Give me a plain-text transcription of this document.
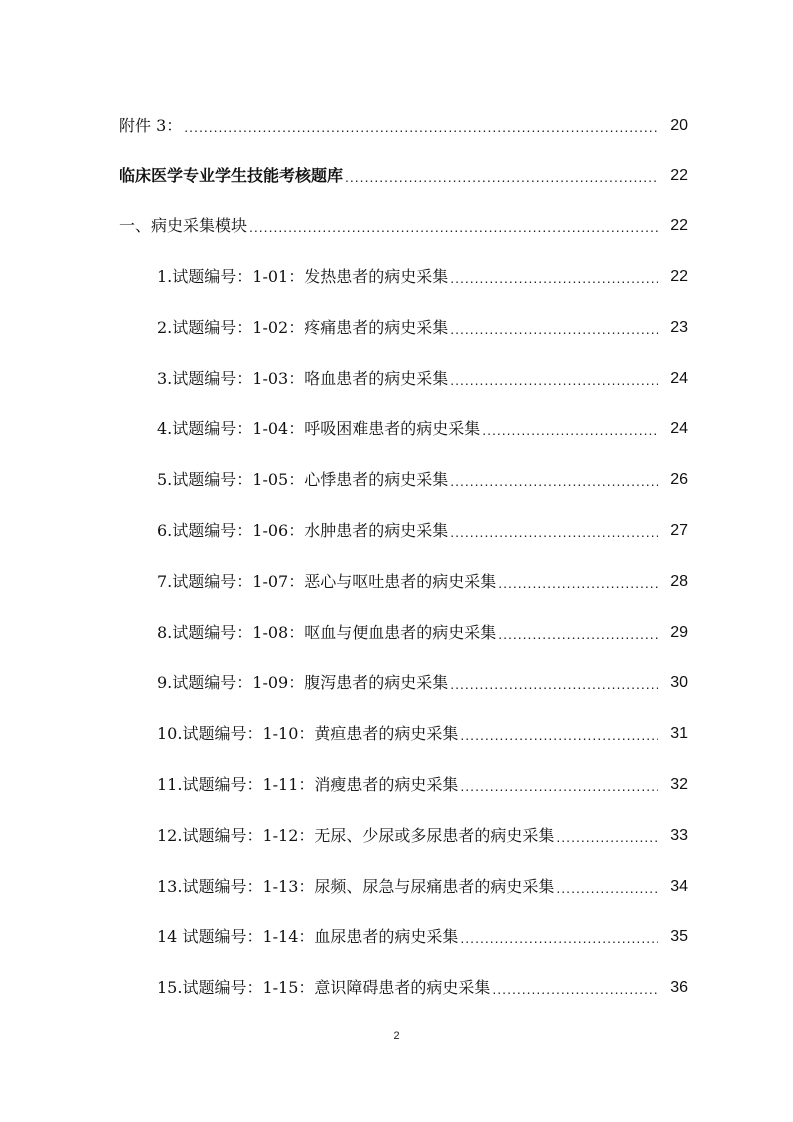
附件 3： .....	20
临床医学专业学生技能考核题库 .....	22
一、病史采集模块 .....	22
1.试题编号：1-01：发热患者的病史采集 .....	22
2.试题编号：1-02：疼痛患者的病史采集 .....	23
3.试题编号：1-03：咯血患者的病史采集 .....	24
4.试题编号：1-04：呼吸困难患者的病史采集 .....	24
5.试题编号：1-05：心悸患者的病史采集 .....	26
6.试题编号：1-06：水肿患者的病史采集 .....	27
7.试题编号：1-07：恶心与呕吐患者的病史采集 .....	28
8.试题编号：1-08：呕血与便血患者的病史采集 .....	29
9.试题编号：1-09：腹泻患者的病史采集 .....	30
10.试题编号：1-10：黄疸患者的病史采集 .....	31
11.试题编号：1-11：消瘦患者的病史采集 .....	32
12.试题编号：1-12：无尿、少尿或多尿患者的病史采集 .....	33
13.试题编号：1-13：尿频、尿急与尿痛患者的病史采集 .....	34
14 试题编号：1-14：血尿患者的病史采集 .....	35
15.试题编号：1-15：意识障碍患者的病史采集 .....	36
2
